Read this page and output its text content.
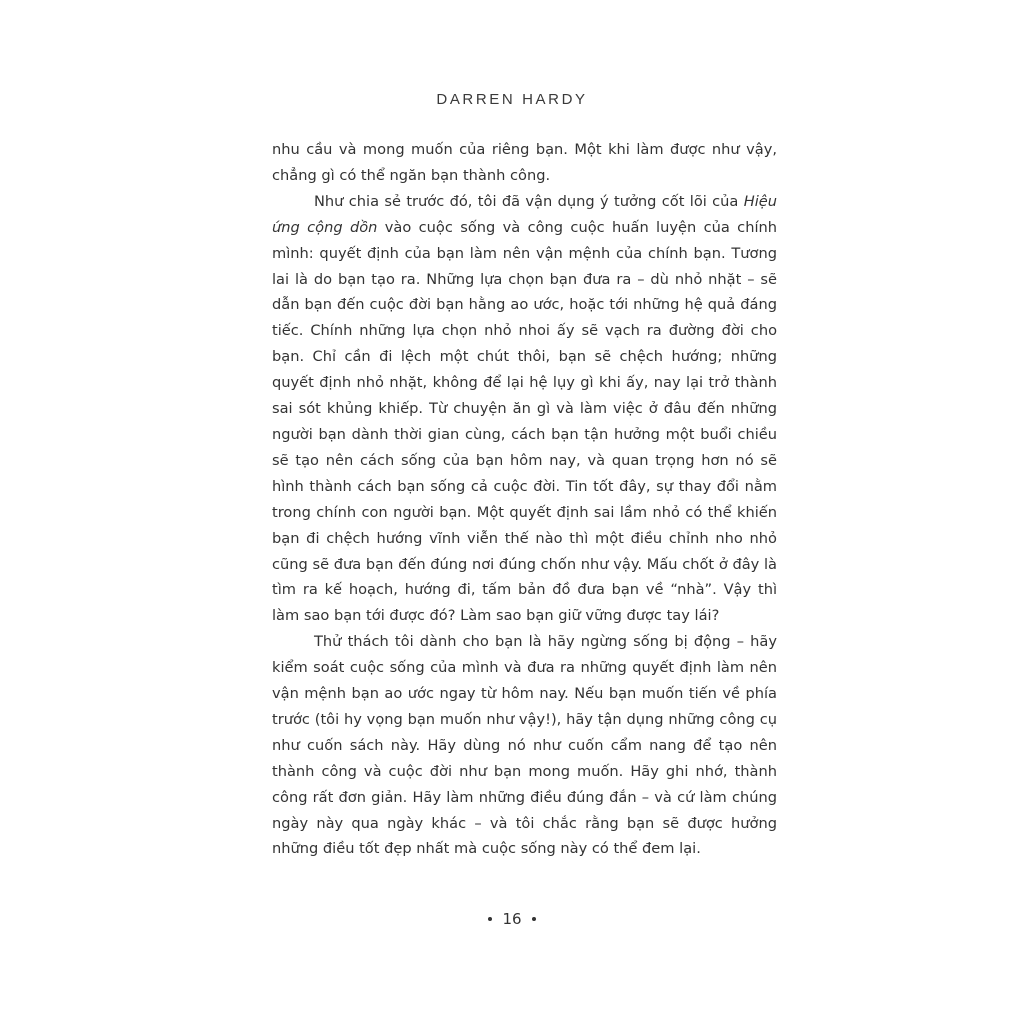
DARREN HARDY

nhu cầu và mong muốn của riêng bạn. Một khi làm được như vậy, chẳng gì có thể ngăn bạn thành công.

Như chia sẻ trước đó, tôi đã vận dụng ý tưởng cốt lõi của Hiệu ứng cộng dồn vào cuộc sống và công cuộc huấn luyện của chính mình: quyết định của bạn làm nên vận mệnh của chính bạn. Tương lai là do bạn tạo ra. Những lựa chọn bạn đưa ra – dù nhỏ nhặt – sẽ dẫn bạn đến cuộc đời bạn hằng ao ước, hoặc tới những hệ quả đáng tiếc. Chính những lựa chọn nhỏ nhoi ấy sẽ vạch ra đường đời cho bạn. Chỉ cần đi lệch một chút thôi, bạn sẽ chệch hướng; những quyết định nhỏ nhặt, không để lại hệ lụy gì khi ấy, nay lại trở thành sai sót khủng khiếp. Từ chuyện ăn gì và làm việc ở đâu đến những người bạn dành thời gian cùng, cách bạn tận hưởng một buổi chiều sẽ tạo nên cách sống của bạn hôm nay, và quan trọng hơn nó sẽ hình thành cách bạn sống cả cuộc đời. Tin tốt đây, sự thay đổi nằm trong chính con người bạn. Một quyết định sai lầm nhỏ có thể khiến bạn đi chệch hướng vĩnh viễn thế nào thì một điều chỉnh nho nhỏ cũng sẽ đưa bạn đến đúng nơi đúng chốn như vậy. Mấu chốt ở đây là tìm ra kế hoạch, hướng đi, tấm bản đồ đưa bạn về “nhà”. Vậy thì làm sao bạn tới được đó? Làm sao bạn giữ vững được tay lái?

Thử thách tôi dành cho bạn là hãy ngừng sống bị động – hãy kiểm soát cuộc sống của mình và đưa ra những quyết định làm nên vận mệnh bạn ao ước ngay từ hôm nay. Nếu bạn muốn tiến về phía trước (tôi hy vọng bạn muốn như vậy!), hãy tận dụng những công cụ như cuốn sách này. Hãy dùng nó như cuốn cẩm nang để tạo nên thành công và cuộc đời như bạn mong muốn. Hãy ghi nhớ, thành công rất đơn giản. Hãy làm những điều đúng đắn – và cứ làm chúng ngày này qua ngày khác – và tôi chắc rằng bạn sẽ được hưởng những điều tốt đẹp nhất mà cuộc sống này có thể đem lại.

16
